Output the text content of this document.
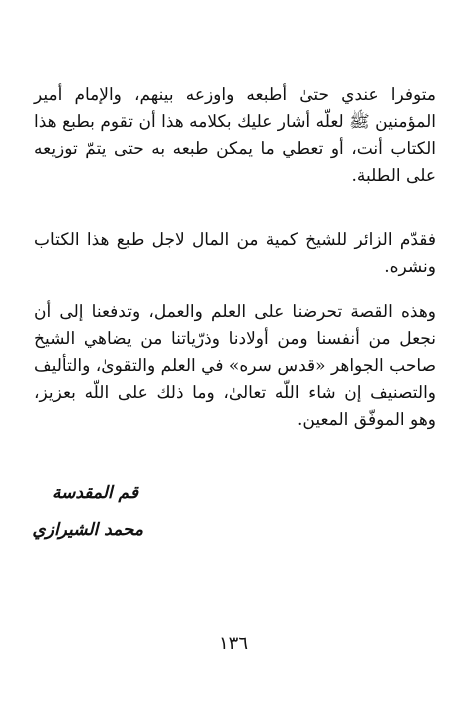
متوفرا عندي حتىٰ أطبعه واوزعه بينهم، والإمام أمير المؤمنين ﷺ لعلّه أشار عليك بكلامه هذا أن تقوم بطبع هذا الكتاب أنت، أو تعطي ما يمكن طبعه به حتى يتمّ توزيعه على الطلبة.

فقدّم الزائر للشيخ كمية من المال لاجل طبع هذا الكتاب ونشره.

وهذه القصة تحرضنا على العلم والعمل، وتدفعنا إلى أن نجعل من أنفسنا ومن أولادنا وذرّياتنا من يضاهي الشيخ صاحب الجواهر «قدس سره» في العلم والتقوىٰ، والتأليف والتصنيف إن شاء اللّه تعالىٰ، وما ذلك على اللّه بعزيز، وهو الموفّق المعين.

قم المقدسة

محمد الشيرازي

١٣٦
